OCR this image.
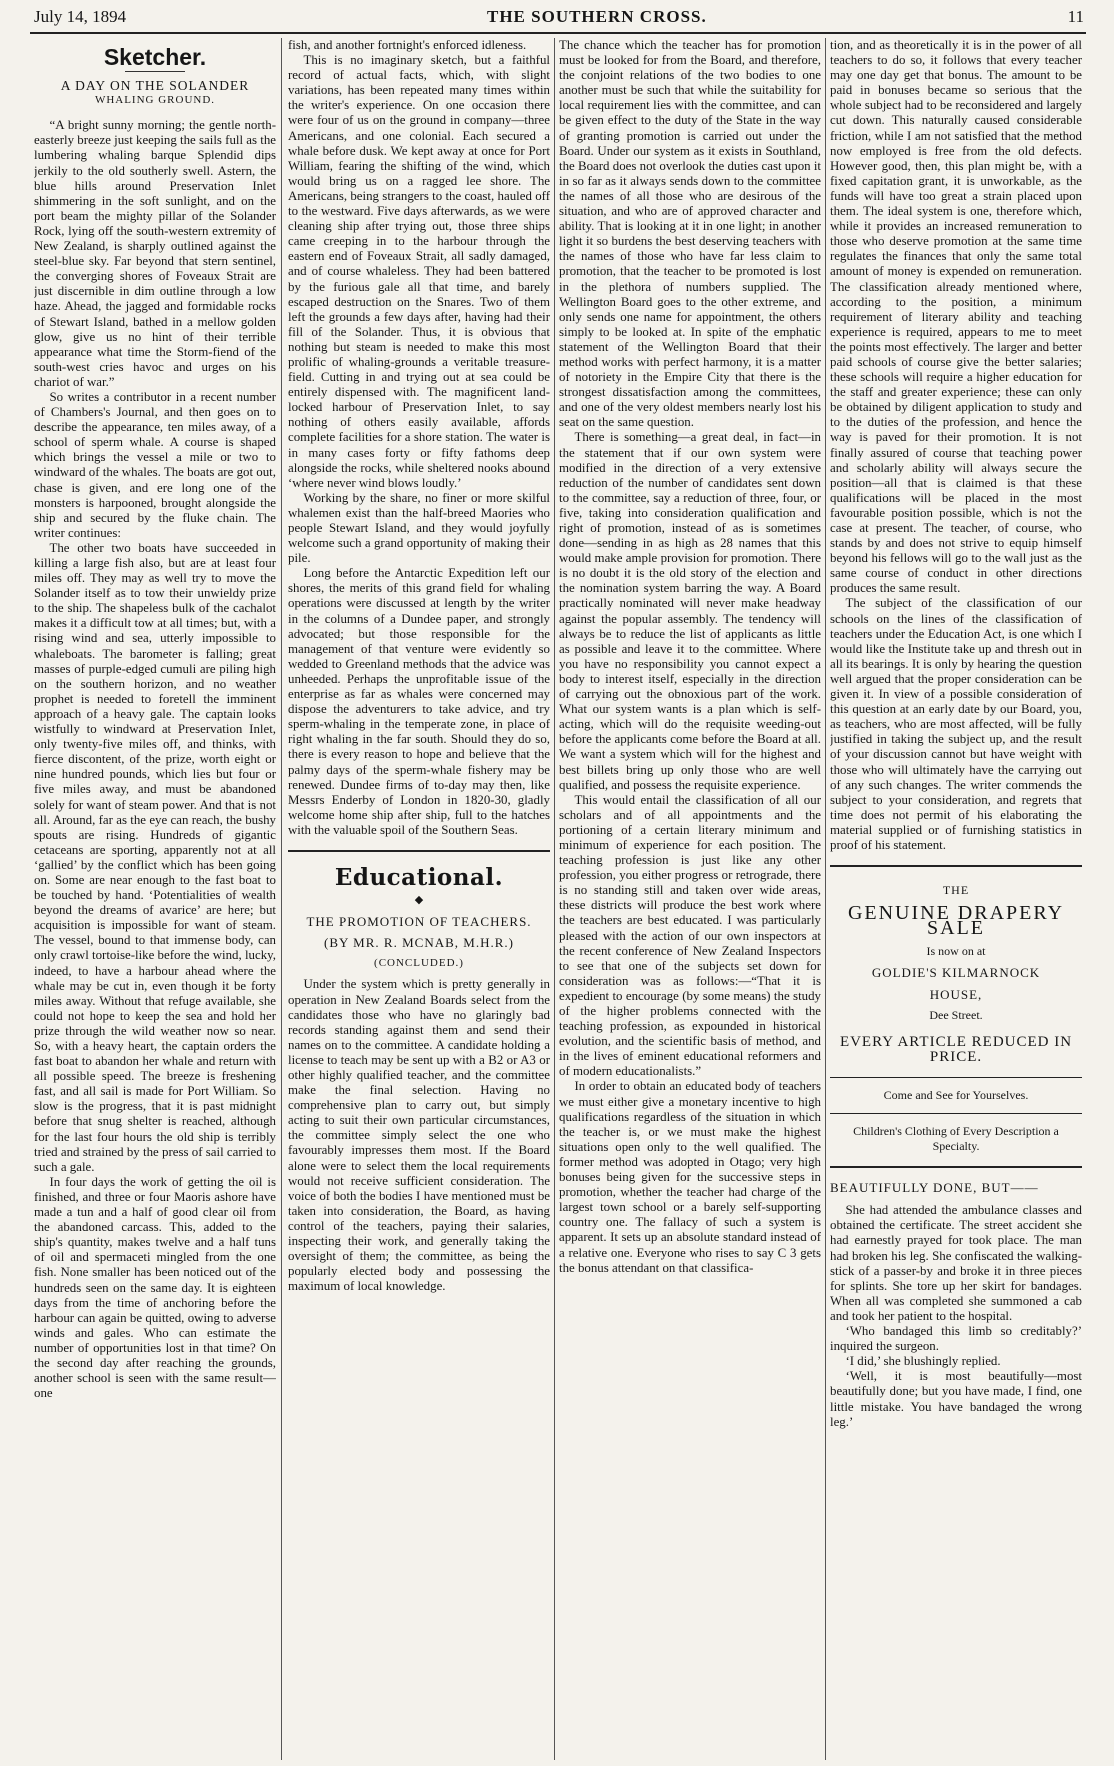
July 14, 1894	THE SOUTHERN CROSS.	11
Sketcher.
A DAY ON THE SOLANDER
WHALING GROUND.

“A bright sunny morning; the gentle north-easterly breeze just keeping the sails full as the lumbering whaling barque Splendid dips jerkily to the old southerly swell. Astern, the blue hills around Preservation Inlet shimmering in the soft sunlight, and on the port beam the mighty pillar of the Solander Rock, lying off the south-western extremity of New Zealand, is sharply outlined against the steel-blue sky. Far beyond that stern sentinel, the converging shores of Foveaux Strait are just discernible in dim outline through a low haze. Ahead, the jagged and formidable rocks of Stewart Island, bathed in a mellow golden glow, give us no hint of their terrible appearance what time the Storm-fiend of the south-west cries havoc and urges on his chariot of war.”

So writes a contributor in a recent number of Chambers's Journal, and then goes on to describe the appearance, ten miles away, of a school of sperm whale. A course is shaped which brings the vessel a mile or two to windward of the whales. The boats are got out, chase is given, and ere long one of the monsters is harpooned, brought alongside the ship and secured by the fluke chain. The writer continues:

The other two boats have succeeded in killing a large fish also, but are at least four miles off. They may as well try to move the Solander itself as to tow their unwieldy prize to the ship. The shapeless bulk of the cachalot makes it a difficult tow at all times; but, with a rising wind and sea, utterly impossible to whaleboats. The barometer is falling; great masses of purple-edged cumuli are piling high on the southern horizon, and no weather prophet is needed to foretell the imminent approach of a heavy gale. The captain looks wistfully to windward at Preservation Inlet, only twenty-five miles off, and thinks, with fierce discontent, of the prize, worth eight or nine hundred pounds, which lies but four or five miles away, and must be abandoned solely for want of steam power. And that is not all. Around, far as the eye can reach, the bushy spouts are rising. Hundreds of gigantic cetaceans are sporting, apparently not at all ‘gallied’ by the conflict which has been going on. Some are near enough to the fast boat to be touched by hand. ‘Potentialities of wealth beyond the dreams of avarice’ are here; but acquisition is impossible for want of steam. The vessel, bound to that immense body, can only crawl tortoise-like before the wind, lucky, indeed, to have a harbour ahead where the whale may be cut in, even though it be forty miles away. Without that refuge available, she could not hope to keep the sea and hold her prize through the wild weather now so near. So, with a heavy heart, the captain orders the fast boat to abandon her whale and return with all possible speed. The breeze is freshening fast, and all sail is made for Port William. So slow is the progress, that it is past midnight before that snug shelter is reached, although for the last four hours the old ship is terribly tried and strained by the press of sail carried to such a gale.

In four days the work of getting the oil is finished, and three or four Maoris ashore have made a tun and a half of good clear oil from the abandoned carcass. This, added to the ship's quantity, makes twelve and a half tuns of oil and spermaceti mingled from the one fish. None smaller has been noticed out of the hundreds seen on the same day. It is eighteen days from the time of anchoring before the harbour can again be quitted, owing to adverse winds and gales. Who can estimate the number of opportunities lost in that time? On the second day after reaching the grounds, another school is seen with the same result—one

fish, and another fortnight's enforced idleness.

This is no imaginary sketch, but a faithful record of actual facts, which, with slight variations, has been repeated many times within the writer's experience. On one occasion there were four of us on the ground in company—three Americans, and one colonial. Each secured a whale before dusk. We kept away at once for Port William, fearing the shifting of the wind, which would bring us on a ragged lee shore. The Americans, being strangers to the coast, hauled off to the westward. Five days afterwards, as we were cleaning ship after trying out, those three ships came creeping in to the harbour through the eastern end of Foveaux Strait, all sadly damaged, and of course whaleless. They had been battered by the furious gale all that time, and barely escaped destruction on the Snares. Two of them left the grounds a few days after, having had their fill of the Solander. Thus, it is obvious that nothing but steam is needed to make this most prolific of whaling-grounds a veritable treasure-field. Cutting in and trying out at sea could be entirely dispensed with. The magnificent land-locked harbour of Preservation Inlet, to say nothing of others easily available, affords complete facilities for a shore station. The water is in many cases forty or fifty fathoms deep alongside the rocks, while sheltered nooks abound ‘where never wind blows loudly.’

Working by the share, no finer or more skilful whalemen exist than the half-breed Maories who people Stewart Island, and they would joyfully welcome such a grand opportunity of making their pile.

Long before the Antarctic Expedition left our shores, the merits of this grand field for whaling operations were discussed at length by the writer in the columns of a Dundee paper, and strongly advocated; but those responsible for the management of that venture were evidently so wedded to Greenland methods that the advice was unheeded. Perhaps the unprofitable issue of the enterprise as far as whales were concerned may dispose the adventurers to take advice, and try sperm-whaling in the temperate zone, in place of right whaling in the far south. Should they do so, there is every reason to hope and believe that the palmy days of the sperm-whale fishery may be renewed. Dundee firms of to-day may then, like Messrs Enderby of London in 1820-30, gladly welcome home ship after ship, full to the hatches with the valuable spoil of the Southern Seas.

Educational.
◆
THE PROMOTION OF TEACHERS.
(BY MR. R. MCNAB, M.H.R.)
(CONCLUDED.)

Under the system which is pretty generally in operation in New Zealand Boards select from the candidates those who have no glaringly bad records standing against them and send their names on to the committee. A candidate holding a license to teach may be sent up with a B2 or A3 or other highly qualified teacher, and the committee make the final selection. Having no comprehensive plan to carry out, but simply acting to suit their own particular circumstances, the committee simply select the one who favourably impresses them most. If the Board alone were to select them the local requirements would not receive sufficient consideration. The voice of both the bodies I have mentioned must be taken into consideration, the Board, as having control of the teachers, paying their salaries, inspecting their work, and generally taking the oversight of them; the committee, as being the popularly elected body and possessing the maximum of local knowledge.

The chance which the teacher has for promotion must be looked for from the Board, and therefore, the conjoint relations of the two bodies to one another must be such that while the suitability for local requirement lies with the committee, and can be given effect to the duty of the State in the way of granting promotion is carried out under the Board. Under our system as it exists in Southland, the Board does not overlook the duties cast upon it in so far as it always sends down to the committee the names of all those who are desirous of the situation, and who are of approved character and ability. That is looking at it in one light; in another light it so burdens the best deserving teachers with the names of those who have far less claim to promotion, that the teacher to be promoted is lost in the plethora of numbers supplied. The Wellington Board goes to the other extreme, and only sends one name for appointment, the others simply to be looked at. In spite of the emphatic statement of the Wellington Board that their method works with perfect harmony, it is a matter of notoriety in the Empire City that there is the strongest dissatisfaction among the committees, and one of the very oldest members nearly lost his seat on the same question.

There is something—a great deal, in fact—in the statement that if our own system were modified in the direction of a very extensive reduction of the number of candidates sent down to the committee, say a reduction of three, four, or five, taking into consideration qualification and right of promotion, instead of as is sometimes done—sending in as high as 28 names that this would make ample provision for promotion. There is no doubt it is the old story of the election and the nomination system barring the way. A Board practically nominated will never make headway against the popular assembly. The tendency will always be to reduce the list of applicants as little as possible and leave it to the committee. Where you have no responsibility you cannot expect a body to interest itself, especially in the direction of carrying out the obnoxious part of the work. What our system wants is a plan which is self-acting, which will do the requisite weeding-out before the applicants come before the Board at all. We want a system which will for the highest and best billets bring up only those who are well qualified, and possess the requisite experience.

This would entail the classification of all our scholars and of all appointments and the portioning of a certain literary minimum and minimum of experience for each position. The teaching profession is just like any other profession, you either progress or retrograde, there is no standing still and taken over wide areas, these districts will produce the best work where the teachers are best educated. I was particularly pleased with the action of our own inspectors at the recent conference of New Zealand Inspectors to see that one of the subjects set down for consideration was as follows:—“That it is expedient to encourage (by some means) the study of the higher problems connected with the teaching profession, as expounded in historical evolution, and the scientific basis of method, and in the lives of eminent educational reformers and of modern educationalists.”

In order to obtain an educated body of teachers we must either give a monetary incentive to high qualifications regardless of the situation in which the teacher is, or we must make the highest situations open only to the well qualified. The former method was adopted in Otago; very high bonuses being given for the successive steps in promotion, whether the teacher had charge of the largest town school or a barely self-supporting country one. The fallacy of such a system is apparent. It sets up an absolute standard instead of a relative one. Everyone who rises to say C 3 gets the bonus attendant on that classifica-

tion, and as theoretically it is in the power of all teachers to do so, it follows that every teacher may one day get that bonus. The amount to be paid in bonuses became so serious that the whole subject had to be reconsidered and largely cut down. This naturally caused considerable friction, while I am not satisfied that the method now employed is free from the old defects. However good, then, this plan might be, with a fixed capitation grant, it is unworkable, as the funds will have too great a strain placed upon them. The ideal system is one, therefore which, while it provides an increased remuneration to those who deserve promotion at the same time regulates the finances that only the same total amount of money is expended on remuneration. The classification already mentioned where, according to the position, a minimum requirement of literary ability and teaching experience is required, appears to me to meet the points most effectively. The larger and better paid schools of course give the better salaries; these schools will require a higher education for the staff and greater experience; these can only be obtained by diligent application to study and to the duties of the profession, and hence the way is paved for their promotion. It is not finally assured of course that teaching power and scholarly ability will always secure the position—all that is claimed is that these qualifications will be placed in the most favourable position possible, which is not the case at present. The teacher, of course, who stands by and does not strive to equip himself beyond his fellows will go to the wall just as the same course of conduct in other directions produces the same result.

The subject of the classification of our schools on the lines of the classification of teachers under the Education Act, is one which I would like the Institute take up and thresh out in all its bearings. It is only by hearing the question well argued that the proper consideration can be given it. In view of a possible consideration of this question at an early date by our Board, you, as teachers, who are most affected, will be fully justified in taking the subject up, and the result of your discussion cannot but have weight with those who will ultimately have the carrying out of any such changes. The writer commends the subject to your consideration, and regrets that time does not permit of his elaborating the material supplied or of furnishing statistics in proof of his statement.

THE
GENUINE DRAPERY SALE
Is now on at
GOLDIE'S KILMARNOCK
HOUSE,
Dee Street.
EVERY ARTICLE REDUCED IN PRICE.
Come and See for Yourselves.
Children's Clothing of Every Description a Specialty.
BEAUTIFULLY DONE, BUT——

She had attended the ambulance classes and obtained the certificate. The street accident she had earnestly prayed for took place. The man had broken his leg. She confiscated the walking-stick of a passer-by and broke it in three pieces for splints. She tore up her skirt for bandages. When all was completed she summoned a cab and took her patient to the hospital.

‘Who bandaged this limb so creditably?’ inquired the surgeon.

‘I did,’ she blushingly replied.

‘Well, it is most beautifully—most beautifully done; but you have made, I find, one little mistake. You have bandaged the wrong leg.’
